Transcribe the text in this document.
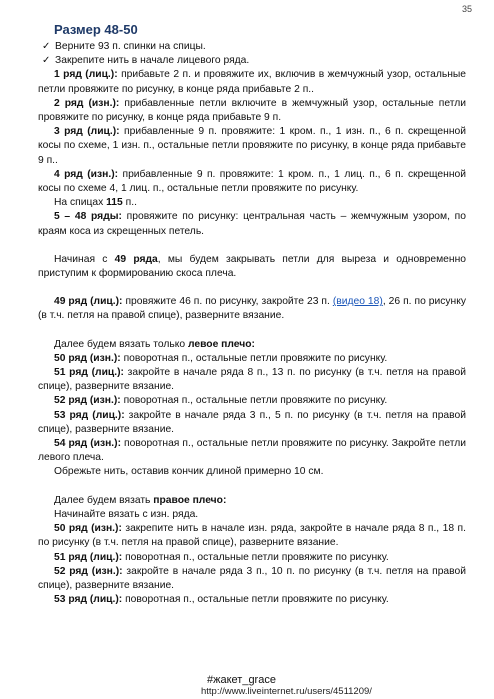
35
Размер 48-50

✓ Верните 93 п. спинки на спицы.

✓ Закрепите нить в начале лицевого ряда.

1 ряд (лиц.): прибавьте 2 п. и провяжите их, включив в жемчужный узор, остальные петли провяжите по рисунку, в конце ряда прибавьте 2 п..

2 ряд (изн.): прибавленные петли включите в жемчужный узор, остальные петли провяжите по рисунку, в конце ряда прибавьте 9 п.

3 ряд (лиц.): прибавленные 9 п. провяжите: 1 кром. п., 1 изн. п., 6 п. скрещенной косы по схеме, 1 изн. п., остальные петли провяжите по рисунку, в конце ряда прибавьте 9 п..

4 ряд (изн.): прибавленные 9 п. провяжите: 1 кром. п., 1 лиц. п., 6 п. скрещенной косы по схеме 4, 1 лиц. п., остальные петли провяжите по рисунку.

На спицах 115 п..

5 – 48 ряды: провяжите по рисунку: центральная часть – жемчужным узором, по краям коса из скрещенных петель.

Начиная с 49 ряда, мы будем закрывать петли для выреза и одновременно приступим к формированию скоса плеча.

49 ряд (лиц.): провяжите 46 п. по рисунку, закройте 23 п. (видео 18), 26 п. по рисунку (в т.ч. петля на правой спице), разверните вязание.

Далее будем вязать только левое плечо:

50 ряд (изн.): поворотная п., остальные петли провяжите по рисунку.

51 ряд (лиц.): закройте в начале ряда 8 п., 13 п. по рисунку (в т.ч. петля на правой спице), разверните вязание.

52 ряд (изн.): поворотная п., остальные петли провяжите по рисунку.

53 ряд (лиц.): закройте в начале ряда 3 п., 5 п. по рисунку (в т.ч. петля на правой спице), разверните вязание.

54 ряд (изн.): поворотная п., остальные петли провяжите по рисунку. Закройте петли левого плеча.

Обрежьте нить, оставив кончик длиной примерно 10 см.

Далее будем вязать правое плечо:

Начинайте вязать с изн. ряда.

50 ряд (изн.): закрепите нить в начале изн. ряда, закройте в начале ряда 8 п., 18 п. по рисунку (в т.ч. петля на правой спице), разверните вязание.

51 ряд (лиц.): поворотная п., остальные петли провяжите по рисунку.

52 ряд (изн.): закройте в начале ряда 3 п., 10 п. по рисунку (в т.ч. петля на правой спице), разверните вязание.

53 ряд (лиц.): поворотная п., остальные петли провяжите по рисунку.

#жакет_grace
http://www.liveinternet.ru/users/4511209/
